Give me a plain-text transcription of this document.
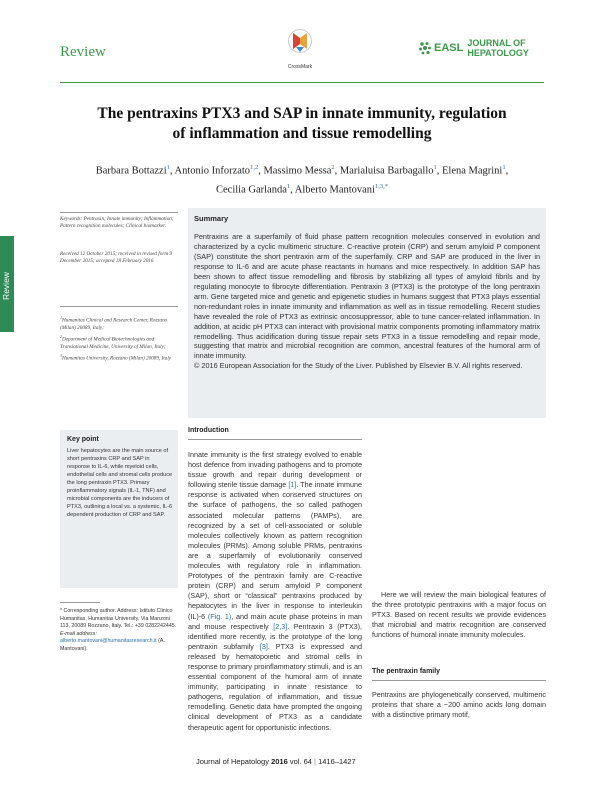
Review
CrossMark
EASL JOURNAL OF
HEPATOLOGY
The pentraxins PTX3 and SAP in innate immunity, regulation
of inflammation and tissue remodelling
Barbara Bottazzi$^1$, Antonio Inforzato$^{1,2}$, Massimo Messa$^2$, Marialuisa Barbagallo$^1$, Elena Magrini$^1$,
Cecilia Garlanda$^1$, Alberto Mantovani$^{1,3,*}$
Review
Keywords: Pentraxin; Innate immunity; Inflammation; Pattern recognition molecules; Clinical biomarker.
Received 12 October 2015; received in revised form 9 December 2015; accepted 18 February 2016

$^1$Humanitas Clinical and Research Center, Rozzano (Milan) 20089, Italy;

$^2$Department of Medical Biotechnologies and Translational Medicine, University of Milan, Italy;

$^3$Humanitas University, Rozzano (Milan) 20089, Italy

Key point
Liver hepatocytes are the main source of short pentraxins CRP and SAP in response to IL-6, while myeloid cells, endothelial cells and stromal cells produce the long pentraxin PTX3. Primary proinflammatory signals (IL-1, TNF) and microbial components are the inducers of PTX3, outlining a local vs. a systemic, IL-6 dependent production of CRP and SAP.
* Corresponding author. Address: Istituto Clinico Humanitas, Humanitas University, Via Manzoni 113, 20089 Rozzano, Italy. Tel.: +39 0282242445. E-mail address: alberto.mantovani@humanitasresearch.it (A. Mantovani).
Summary
Pentraxins are a superfamily of fluid phase pattern recognition molecules conserved in evolution and characterized by a cyclic multimeric structure. C-reactive protein (CRP) and serum amyloid P component (SAP) constitute the short pentraxin arm of the superfamily. CRP and SAP are produced in the liver in response to IL-6 and are acute phase reactants in humans and mice respectively. In addition SAP has been shown to affect tissue remodelling and fibrosis by stabilizing all types of amyloid fibrils and by regulating monocyte to fibrocyte differentiation. Pentraxin 3 (PTX3) is the prototype of the long pentraxin arm. Gene targeted mice and genetic and epigenetic studies in humans suggest that PTX3 plays essential non-redundant roles in innate immunity and inflammation as well as in tissue remodelling. Recent studies have revealed the role of PTX3 as extrinsic oncosuppressor, able to tune cancer-related inflammation. In addition, at acidic pH PTX3 can interact with provisional matrix components promoting inflammatory matrix remodelling. Thus acidification during tissue repair sets PTX3 in a tissue remodelling and repair mode, suggesting that matrix and microbial recognition are common, ancestral features of the humoral arm of innate immunity.
© 2016 European Association for the Study of the Liver. Published by Elsevier B.V. All rights reserved.
Introduction

Innate immunity is the first strategy evolved to enable host defence from invading pathogens and to promote tissue growth and repair during development or following sterile tissue damage [1]. The innate immune response is activated when conserved structures on the surface of pathogens, the so called pathogen associated molecular patterns (PAMPs), are recognized by a set of cell-associated or soluble molecules collectively known as pattern recognition molecules (PRMs). Among soluble PRMs, pentraxins are a superfamily of evolutionarily conserved molecules with regulatory role in inflammation. Prototypes of the pentraxin family are C-reactive protein (CRP) and serum amyloid P component (SAP), short or “classical” pentraxins produced by hepatocytes in the liver in response to interleukin (IL)-6 (Fig. 1), and main acute phase proteins in man and mouse respectively [2,3]. Pentraxin 3 (PTX3), identified more recently, is the prototype of the long pentraxin subfamily [3]. PTX3 is expressed and released by hematopoietic and stromal cells in response to primary proinflammatory stimuli, and is an essential component of the humoral arm of innate immunity, participating in innate resistance to pathogens, regulation of inflammation, and tissue remodelling. Genetic data have prompted the ongoing clinical development of PTX3 as a candidate therapeutic agent for opportunistic infections.

Here we will review the main biological features of the three prototypic pentraxins with a major focus on PTX3. Based on recent results we provide evidences that microbial and matrix recognition are conserved functions of humoral innate immunity molecules.

The pentraxin family

Pentraxins are phylogenetically conserved, multimeric proteins that share a ~200 amino acids long domain with a distinctive primary motif,

Journal of Hepatology 2016 vol. 64 | 1416–1427
